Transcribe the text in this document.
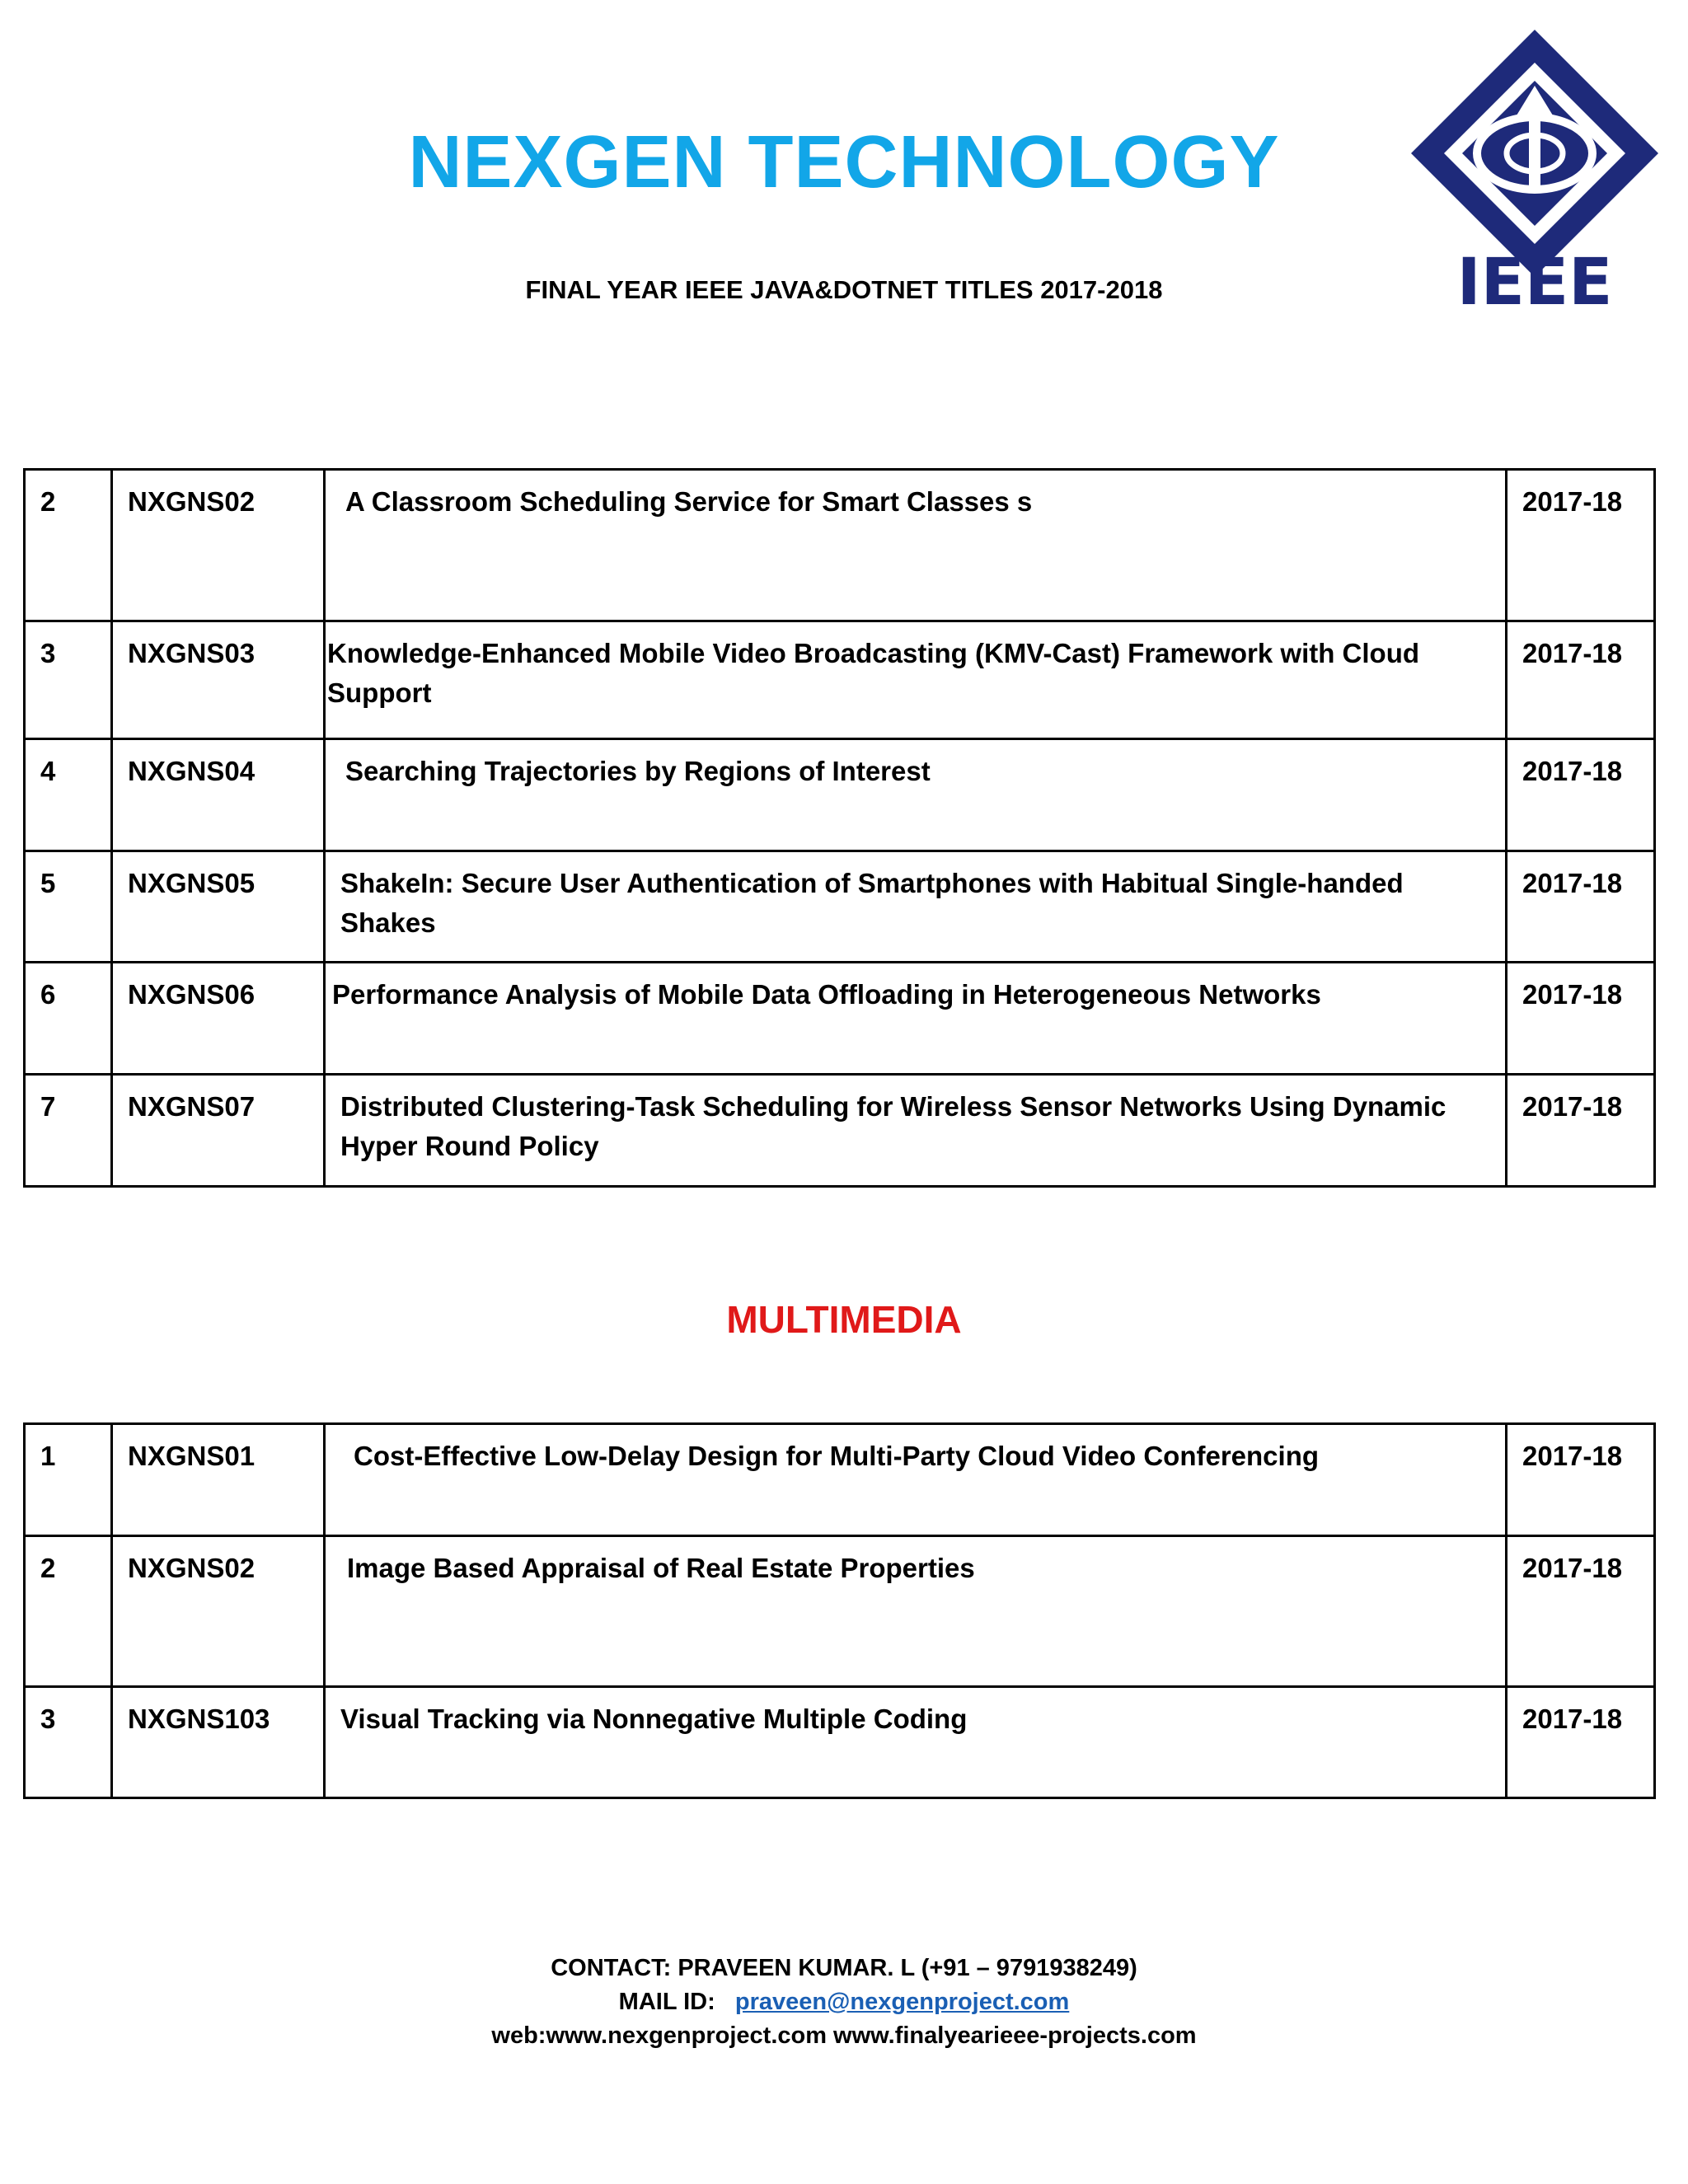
NEXGEN TECHNOLOGY
FINAL YEAR IEEE JAVA&DOTNET TITLES 2017-2018	IEEE
2	NXGNS02	A Classroom Scheduling Service for Smart Classes s	2017-18
3	NXGNS03	Knowledge-Enhanced Mobile Video Broadcasting (KMV-Cast) Framework with Cloud Support	2017-18
4	NXGNS04	Searching Trajectories by Regions of Interest	2017-18
5	NXGNS05	ShakeIn: Secure User Authentication of Smartphones with Habitual Single-handed Shakes	2017-18
6	NXGNS06	Performance Analysis of Mobile Data Offloading in Heterogeneous Networks	2017-18
7	NXGNS07	Distributed Clustering-Task Scheduling for Wireless Sensor Networks Using Dynamic Hyper Round Policy	2017-18
MULTIMEDIA
1	NXGNS01	Cost-Effective Low-Delay Design for Multi-Party Cloud Video Conferencing	2017-18
2	NXGNS02	Image Based Appraisal of Real Estate Properties	2017-18
3	NXGNS103	Visual Tracking via Nonnegative Multiple Coding	2017-18
CONTACT: PRAVEEN KUMAR. L (+91 – 9791938249)
MAIL ID: praveen@nexgenproject.com
web:www.nexgenproject.com www.finalyearieee-projects.com
